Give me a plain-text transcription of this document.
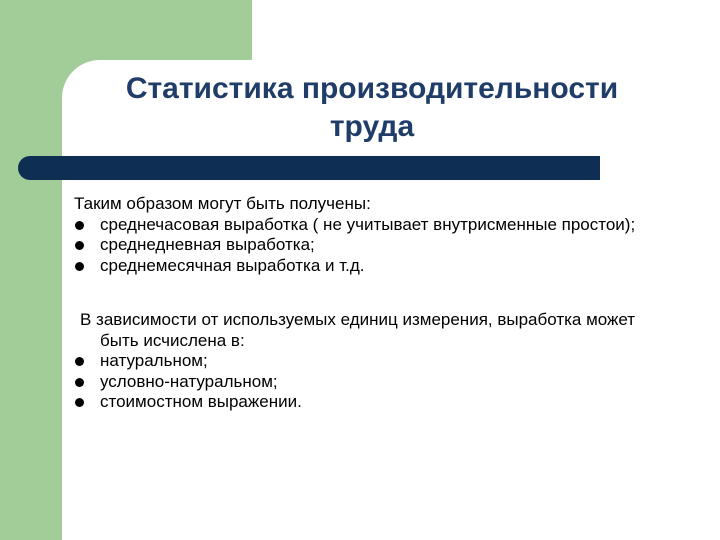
Статистика производительности труда

Таким образом могут быть получены:

среднечасовая выработка ( не учитывает внутрисменные простои);
среднедневная выработка;
среднемесячная выработка и т.д.

В зависимости от используемых единиц измерения, выработка может быть исчислена в:

натуральном;
условно-натуральном;
стоимостном выражении.
